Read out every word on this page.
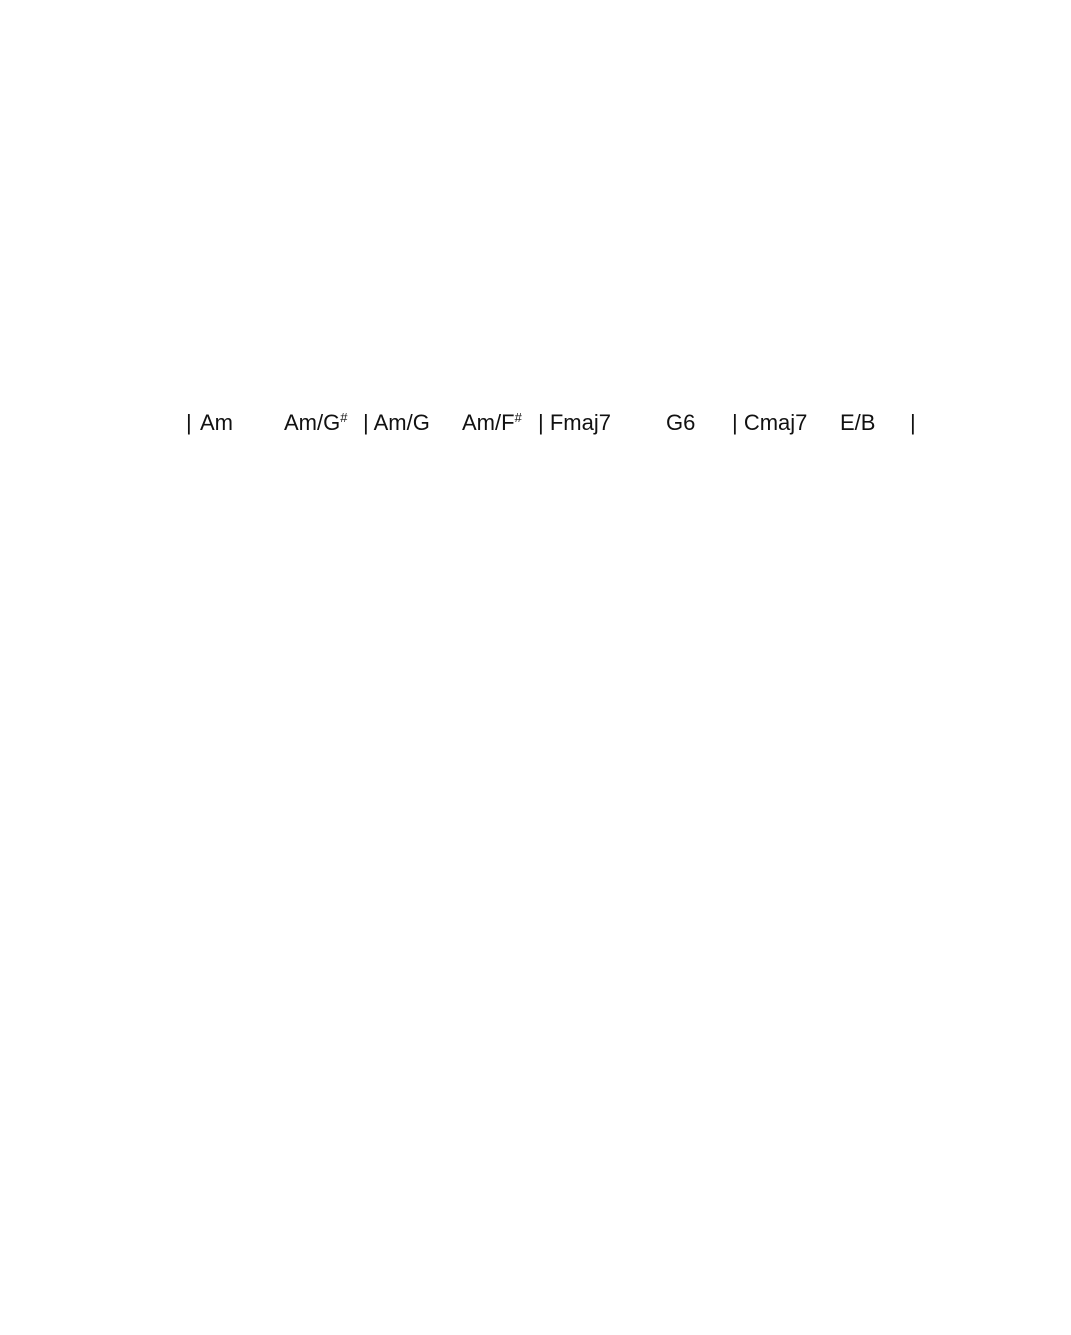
| Am Am/G# | Am/G Am/F# | Fmaj7	G6 | Cmaj7 E/B |
